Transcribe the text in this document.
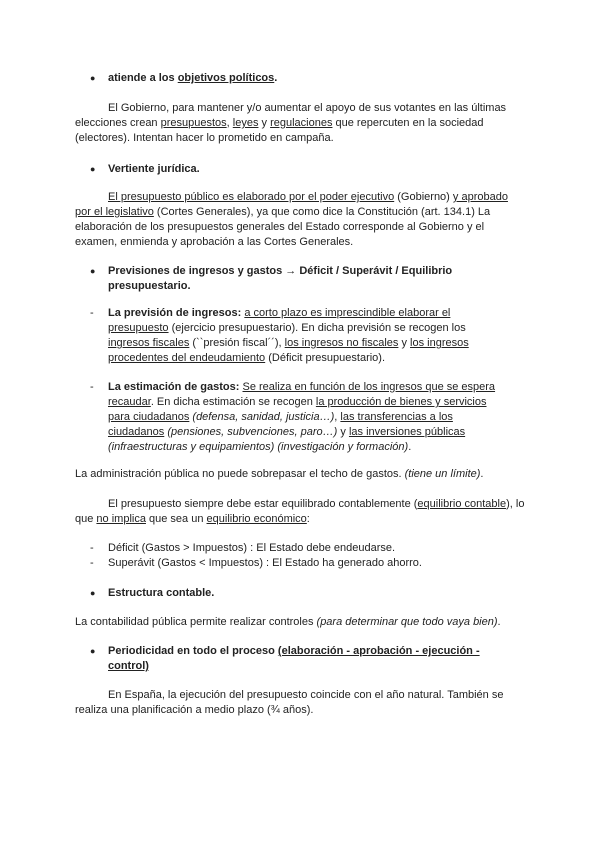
● atiende a los objetivos políticos.

El Gobierno, para mantener y/o aumentar el apoyo de sus votantes en las últimas elecciones crean presupuestos, leyes y regulaciones que repercuten en la sociedad (electores). Intentan hacer lo prometido en campaña.

● Vertiente jurídica.

El presupuesto público es elaborado por el poder ejecutivo (Gobierno) y aprobado por el legislativo (Cortes Generales), ya que como dice la Constitución (art. 134.1) La elaboración de los presupuestos generales del Estado corresponde al Gobierno y el examen, enmienda y aprobación a las Cortes Generales.

● Previsiones de ingresos y gastos → Déficit / Superávit / Equilibrio presupuestario.
- La previsión de ingresos: a corto plazo es imprescindible elaborar el presupuesto (ejercicio presupuestario). En dicha previsión se recogen los ingresos fiscales (``presión fiscal´´), los ingresos no fiscales y los ingresos procedentes del endeudamiento (Déficit presupuestario).
- La estimación de gastos: Se realiza en función de los ingresos que se espera recaudar. En dicha estimación se recogen la producción de bienes y servicios para ciudadanos (defensa, sanidad, justicia…), las transferencias a los ciudadanos (pensiones, subvenciones, paro…) y las inversiones públicas (infraestructuras y equipamientos) (investigación y formación).

La administración pública no puede sobrepasar el techo de gastos. (tiene un límite).

El presupuesto siempre debe estar equilibrado contablemente (equilibrio contable), lo que no implica que sea un equilibrio económico:

- Déficit (Gastos > Impuestos) : El Estado debe endeudarse.
- Superávit (Gastos < Impuestos) : El Estado ha generado ahorro.
● Estructura contable.

La contabilidad pública permite realizar controles (para determinar que todo vaya bien).

● Periodicidad en todo el proceso (elaboración - aprobación - ejecución - control)

En España, la ejecución del presupuesto coincide con el año natural. También se realiza una planificación a medio plazo (¾ años).
